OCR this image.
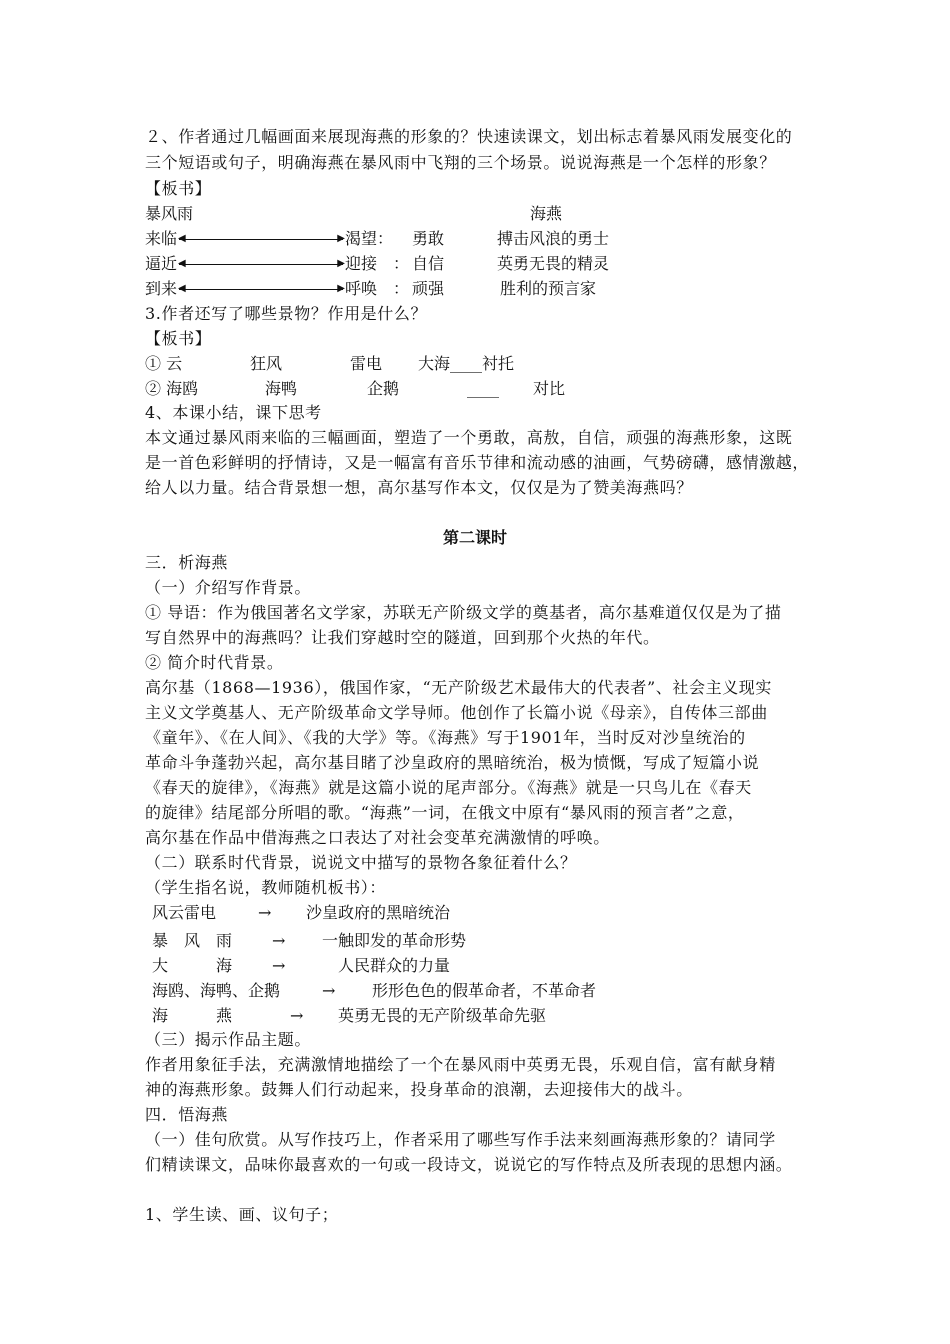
２、作者通过几幅画面来展现海燕的形象的？快速读课文，划出标志着暴风雨发展变化的
三个短语或句子，明确海燕在暴风雨中飞翔的三个场景。说说海燕是一个怎样的形象？
【板书】
暴风雨	海燕
来临 ◀	▶ 渴望： 勇敢	搏击风浪的勇士
逼近 ◀	▶ 迎接　： 自信	英勇无畏的精灵
到来 ◀	▶ 呼唤　： 顽强	胜利的预言家
3.作者还写了哪些景物？作用是什么？
【板书】
① 云	狂风	雷电 大海____衬托
② 海鸥	海鸭	企鹅	____ 对比
4、本课小结，课下思考
本文通过暴风雨来临的三幅画面，塑造了一个勇敢，高敖，自信，顽强的海燕形象，这既
是一首色彩鲜明的抒情诗，又是一幅富有音乐节律和流动感的油画，气势磅礴，感情激越，
给人以力量。结合背景想一想，高尔基写作本文，仅仅是为了赞美海燕吗？
第二课时
三．析海燕
（一）介绍写作背景。
① 导语：作为俄国著名文学家，苏联无产阶级文学的奠基者，高尔基难道仅仅是为了描
写自然界中的海燕吗？让我们穿越时空的隧道，回到那个火热的年代。
② 简介时代背景。
高尔基（1868—1936），俄国作家，“无产阶级艺术最伟大的代表者”、社会主义现实
主义文学奠基人、无产阶级革命文学导师。他创作了长篇小说《母亲》，自传体三部曲
《童年》、《在人间》、《我的大学》等。《海燕》写于1901年，当时反对沙皇统治的
革命斗争蓬勃兴起，高尔基目睹了沙皇政府的黑暗统治，极为愤慨，写成了短篇小说
《春天的旋律》，《海燕》就是这篇小说的尾声部分。《海燕》就是一只鸟儿在《春天
的旋律》结尾部分所唱的歌。“海燕”一词，在俄文中原有“暴风雨的预言者”之意，
高尔基在作品中借海燕之口表达了对社会变革充满激情的呼唤。
（二）联系时代背景，说说文中描写的景物各象征着什么？
（学生指名说，教师随机板书）：
风云雷电	→ 沙皇政府的黑暗统治
暴　风　雨 → 一触即发的革命形势
大　　　海 →	人民群众的力量
海鸥、海鸭、企鹅	→ 形形色色的假革命者，不革命者
海　　　燕	→ 英勇无畏的无产阶级革命先驱
（三）揭示作品主题。
作者用象征手法，充满激情地描绘了一个在暴风雨中英勇无畏，乐观自信，富有献身精
神的海燕形象。鼓舞人们行动起来，投身革命的浪潮，去迎接伟大的战斗。
四．悟海燕
（一）佳句欣赏。从写作技巧上，作者采用了哪些写作手法来刻画海燕形象的？请同学
们精读课文，品味你最喜欢的一句或一段诗文，说说它的写作特点及所表现的思想内涵。
1、学生读、画、议句子；
